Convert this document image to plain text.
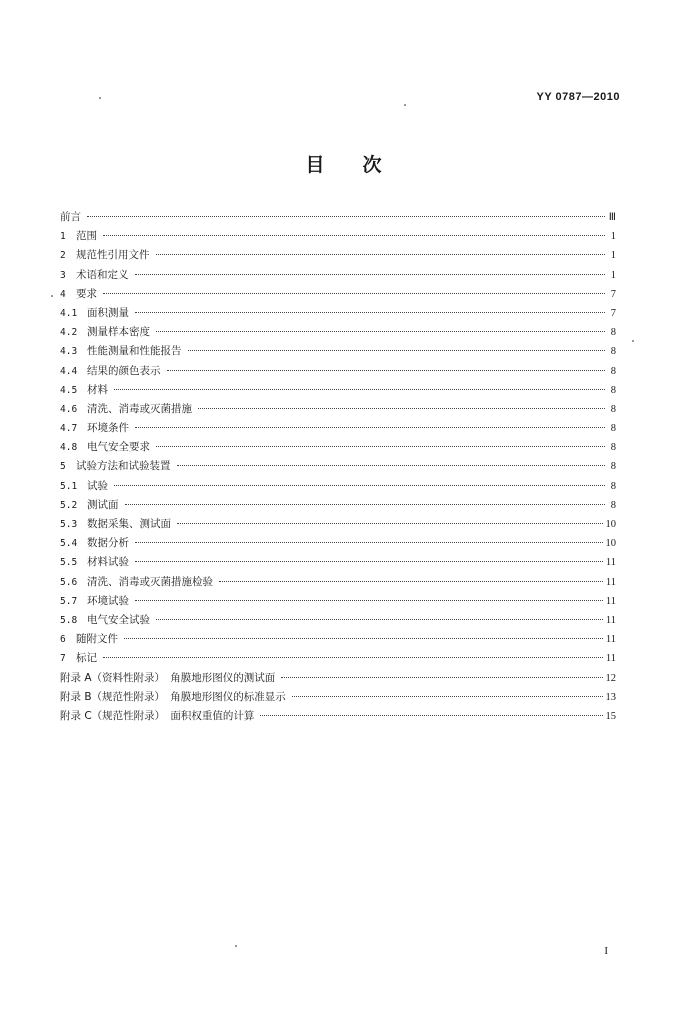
YY 0787—2010
目 次
前言	Ⅲ
1 范围	1
2 规范性引用文件	1
3 术语和定义	1
4 要求	7
4.1 面积测量	7
4.2 测量样本密度	8
4.3 性能测量和性能报告	8
4.4 结果的颜色表示	8
4.5 材料	8
4.6 清洗、消毒或灭菌措施	8
4.7 环境条件	8
4.8 电气安全要求	8
5 试验方法和试验装置	8
5.1 试验	8
5.2 测试面	8
5.3 数据采集、测试面	10
5.4 数据分析	10
5.5 材料试验	11
5.6 清洗、消毒或灭菌措施检验	11
5.7 环境试验	11
5.8 电气安全试验	11
6 随附文件	11
7 标记	11
附录 A（资料性附录）　角膜地形图仪的测试面	12
附录 B（规范性附录）　角膜地形图仪的标准显示	13
附录 C（规范性附录）　面积权重值的计算	15
I
